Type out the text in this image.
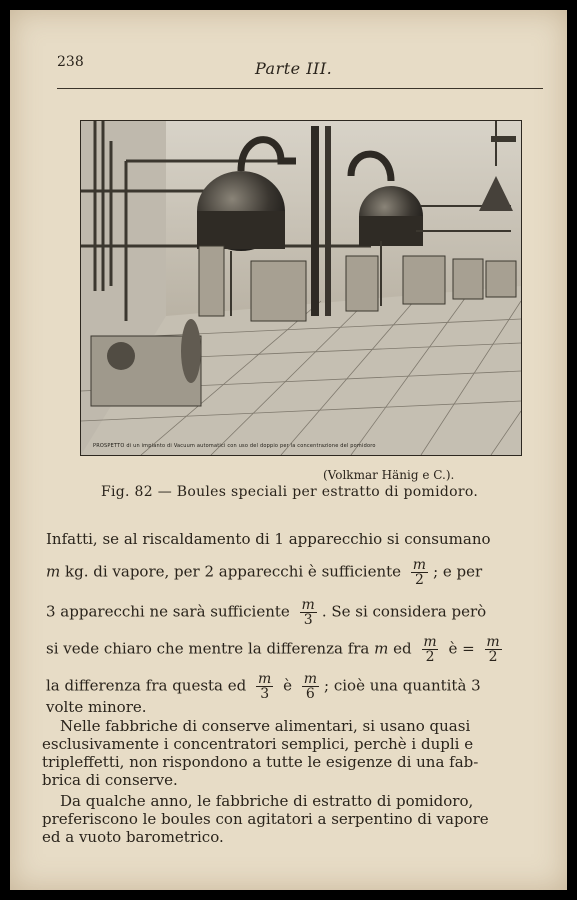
238	Parte III.
PROSPETTO di un impianto di Vacuum automatici con uso del doppio per la concentrazione del pomidoro
(Volkmar Hänig e C.).
Fig. 82 — Boules speciali per estratto di pomidoro.
Infatti, se al riscaldamento di 1 apparecchio si consumano
m kg. di vapore, per 2 apparecchi è sufficiente $\frac{m}{2}$ ; e per
3 apparecchi ne sarà sufficiente $\frac{m}{3}$ . Se si considera però
si vede chiaro che mentre la differenza fra m ed $\frac{m}{2}$ è = $\frac{m}{2}$
la differenza fra questa ed $\frac{m}{3}$ è $\frac{m}{6}$ ; cioè una quantità 3
volte minore.
Nelle fabbriche di conserve alimentari, si usano quasi
esclusivamente i concentratori semplici, perchè i dupli e
tripleffetti, non rispondono a tutte le esigenze di una fab-
brica di conserve.
Da qualche anno, le fabbriche di estratto di pomidoro,
preferiscono le boules con agitatori a serpentino di vapore
ed a vuoto barometrico.
